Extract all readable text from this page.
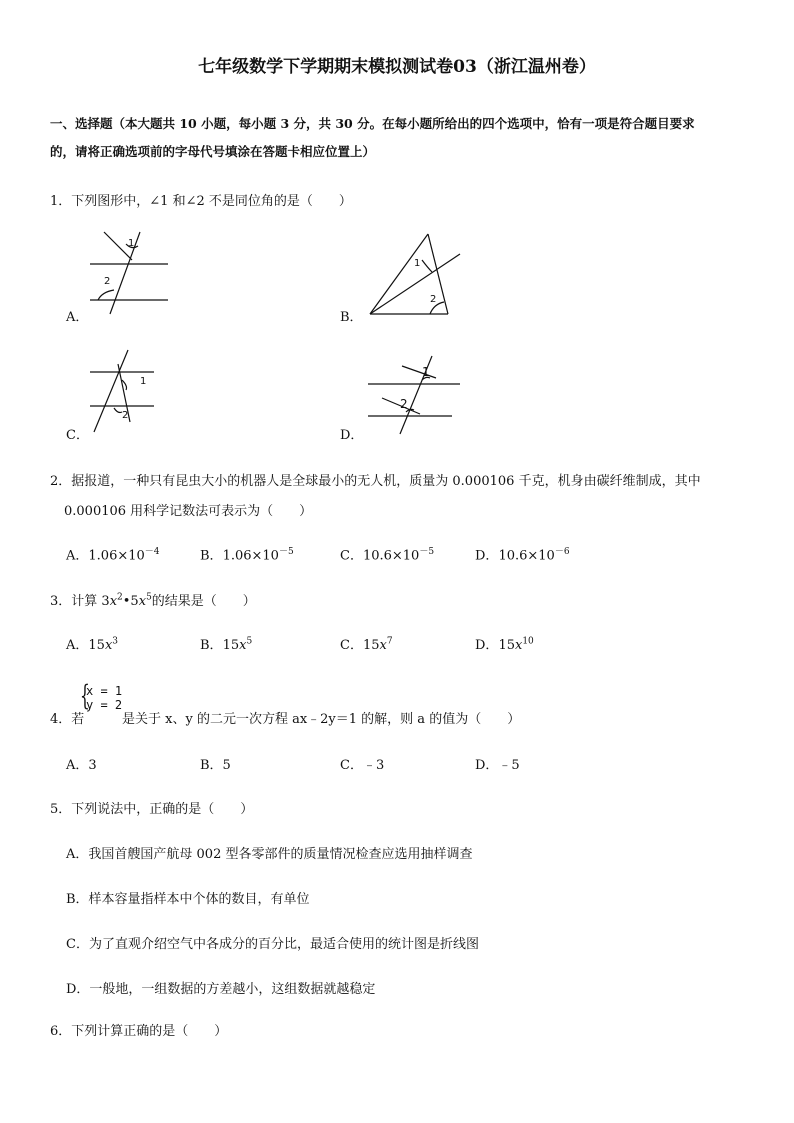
七年级数学下学期期末模拟测试卷03（浙江温州卷）
一、选择题（本大题共 10 小题，每小题 3 分，共 30 分。在每小题所给出的四个选项中，恰有一项是符合题目要求
的，请将正确选项前的字母代号填涂在答题卡相应位置上）
1．下列图形中，∠1 和∠2 不是同位角的是（　　）
1
2
A．
1
2
B．
1
2
C．
1
2
D．
2．据报道，一种只有昆虫大小的机器人是全球最小的无人机，质量为 0.000106 千克，机身由碳纤维制成，其中
0.000106 用科学记数法可表示为（　　）
A．$1.06\times 10^{-4}$	B．$1.06\times 10^{-5}$	C．$10.6\times 10^{-5}$	D．$10.6\times 10^{-6}$
3．计算 $3x^2•5x^5$的结果是（　　）
A．$15x^3$	B．$15x^5$	C．$15x^7$	D．$15x^{10}$
4．若
{
x = 1
y = 2
是关于 x、y 的二元一次方程 ax﹣2y＝1 的解，则 a 的值为（　　）
A．3	B．5	C．﹣3	D．﹣5
5．下列说法中，正确的是（　　）
A．我国首艘国产航母 002 型各零部件的质量情况检查应选用抽样调查
B．样本容量指样本中个体的数目，有单位
C．为了直观介绍空气中各成分的百分比，最适合使用的统计图是折线图
D．一般地，一组数据的方差越小，这组数据就越稳定
6．下列计算正确的是（　　）
